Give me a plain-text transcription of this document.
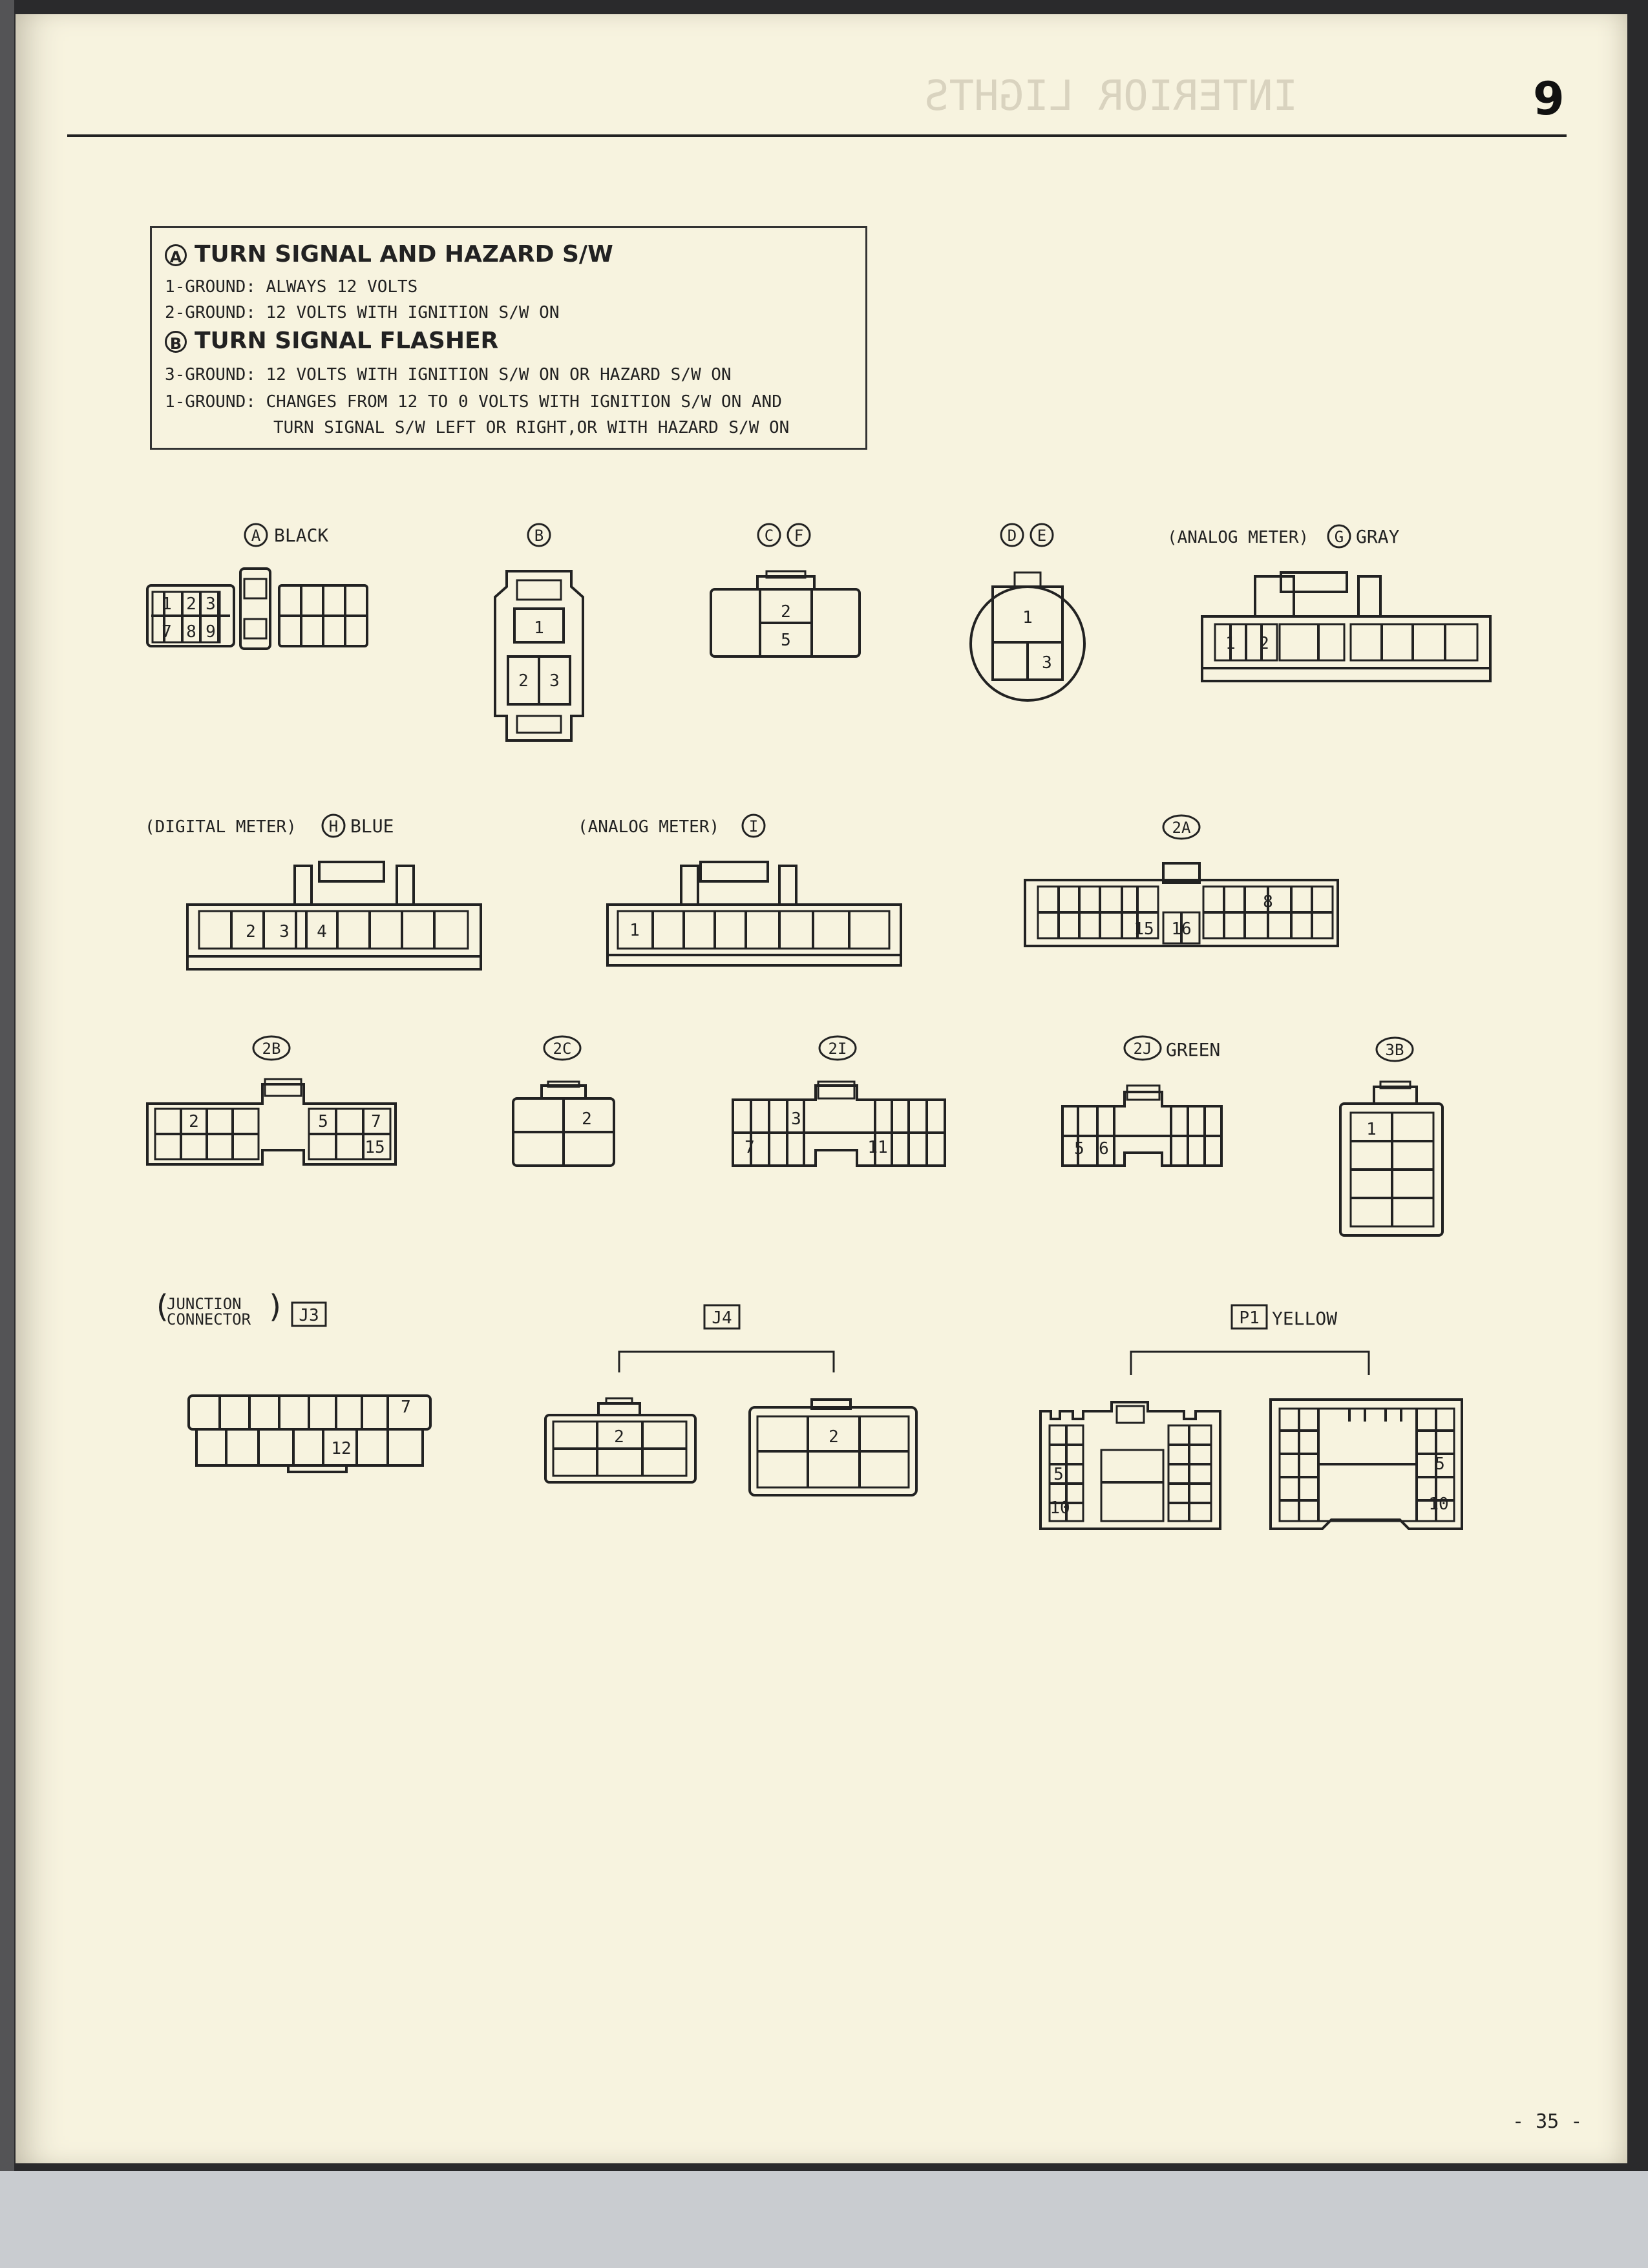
INTERIOR LIGHTS	9
A TURN SIGNAL AND HAZARD S/W
1-GROUND: ALWAYS 12 VOLTS
2-GROUND: 12 VOLTS WITH IGNITION S/W ON
B TURN SIGNAL FLASHER
3-GROUND: 12 VOLTS WITH IGNITION S/W ON OR HAZARD S/W ON
1-GROUND: CHANGES FROM 12 TO 0 VOLTS WITH IGNITION S/W ON AND
TURN SIGNAL S/W LEFT OR RIGHT,OR WITH HAZARD S/W ON
A BLACK
1 2 3
7 8 9
B
1
2 3
C F
2
5
D E
1
3
(ANALOG METER) G GRAY
1 2
(DIGITAL METER) H BLUE
2 3 4
(ANALOG METER) I
1
2A
15 16
8
2B
2	5	7
15
2C
2
2I
3
7	11
2J GREEN
5 6
3B
1
(
JUNCTION
CONNECTOR ) J3
7
12
J4
2	2
P1 YELLOW
5
10
5
10
- 35 -
